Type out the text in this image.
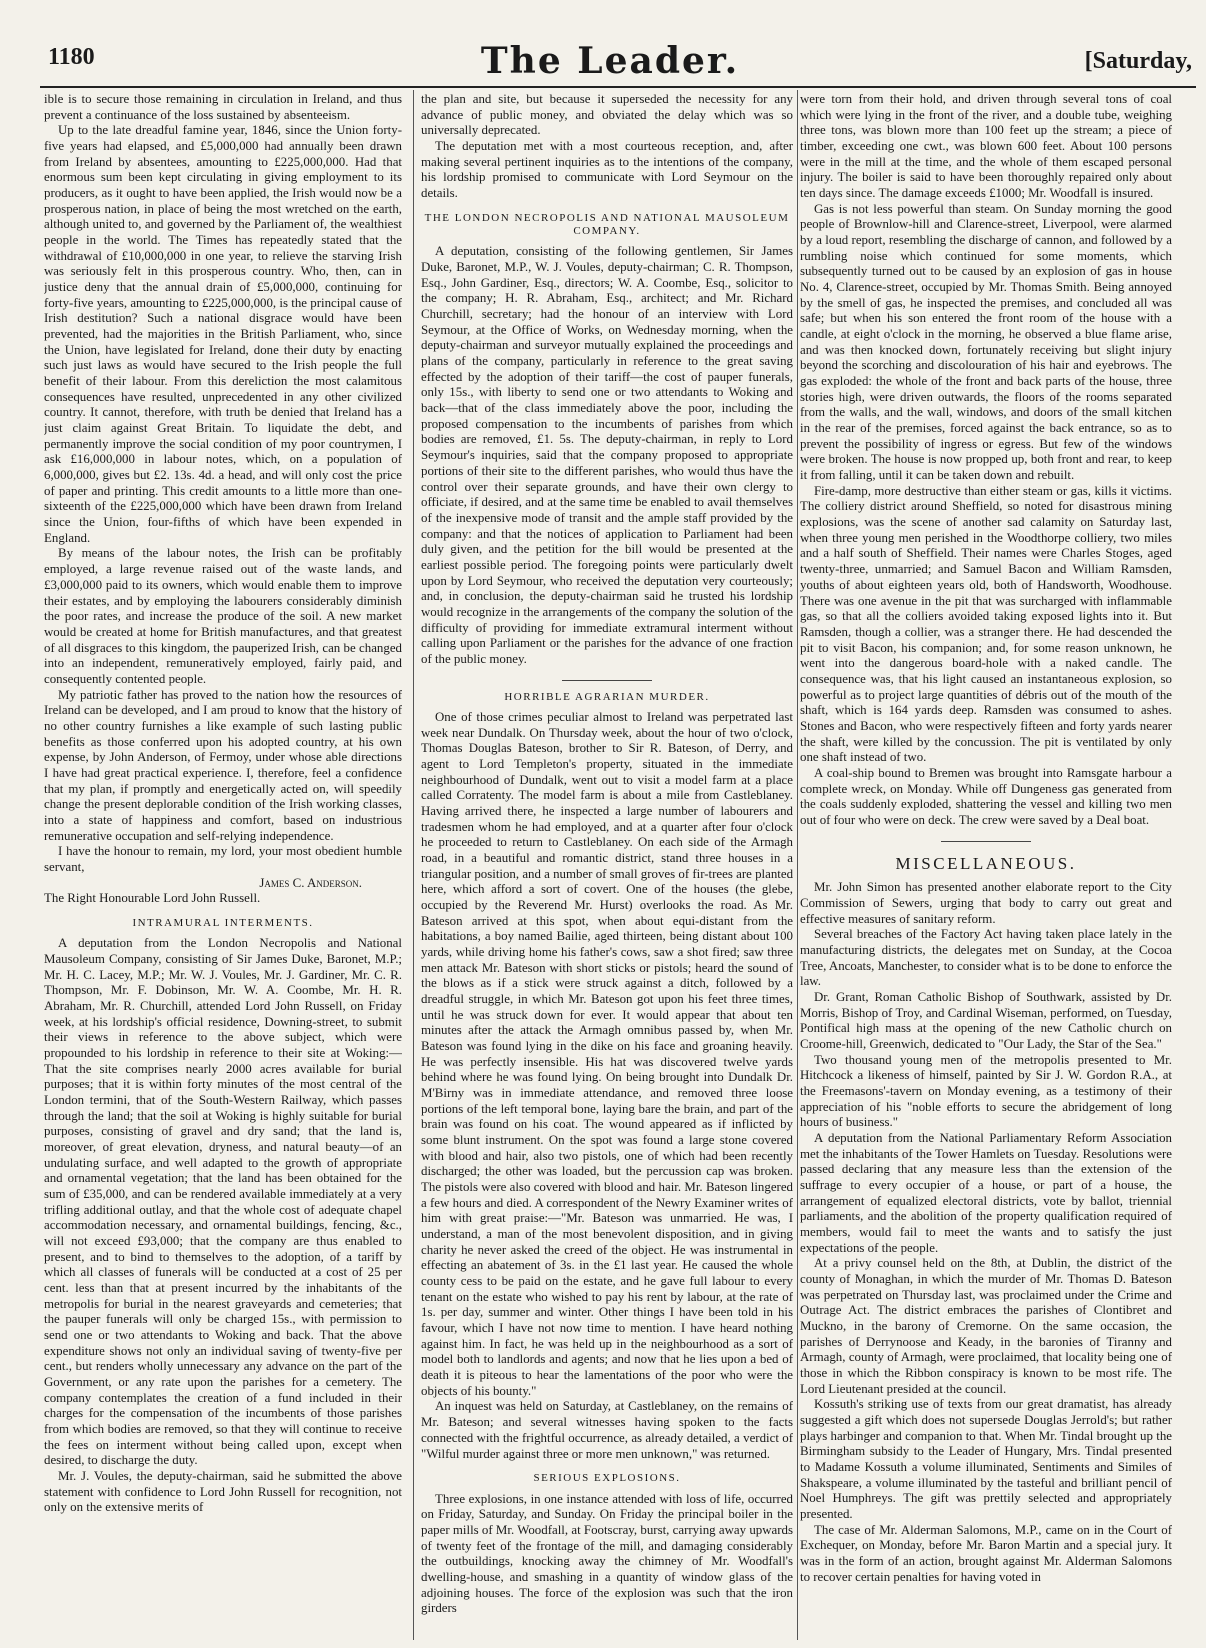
1180	The Leader.	[Saturday,

ible is to secure those remaining in circulation in Ireland, and thus prevent a continuance of the loss sustained by absenteeism.

Up to the late dreadful famine year, 1846, since the Union forty-five years had elapsed, and £5,000,000 had annually been drawn from Ireland by absentees, amounting to £225,000,000. Had that enormous sum been kept circulating in giving employment to its producers, as it ought to have been applied, the Irish would now be a prosperous nation, in place of being the most wretched on the earth, although united to, and governed by the Parliament of, the wealthiest people in the world. The Times has repeatedly stated that the withdrawal of £10,000,000 in one year, to relieve the starving Irish was seriously felt in this prosperous country. Who, then, can in justice deny that the annual drain of £5,000,000, continuing for forty-five years, amounting to £225,000,000, is the principal cause of Irish destitution? Such a national disgrace would have been prevented, had the majorities in the British Parliament, who, since the Union, have legislated for Ireland, done their duty by enacting such just laws as would have secured to the Irish people the full benefit of their labour. From this dereliction the most calamitous consequences have resulted, unprecedented in any other civilized country. It cannot, therefore, with truth be denied that Ireland has a just claim against Great Britain. To liquidate the debt, and permanently improve the social condition of my poor countrymen, I ask £16,000,000 in labour notes, which, on a population of 6,000,000, gives but £2. 13s. 4d. a head, and will only cost the price of paper and printing. This credit amounts to a little more than one-sixteenth of the £225,000,000 which have been drawn from Ireland since the Union, four-fifths of which have been expended in England.

By means of the labour notes, the Irish can be profitably employed, a large revenue raised out of the waste lands, and £3,000,000 paid to its owners, which would enable them to improve their estates, and by employing the labourers considerably diminish the poor rates, and increase the produce of the soil. A new market would be created at home for British manufactures, and that greatest of all disgraces to this kingdom, the pauperized Irish, can be changed into an independent, remuneratively employed, fairly paid, and consequently contented people.

My patriotic father has proved to the nation how the resources of Ireland can be developed, and I am proud to know that the history of no other country furnishes a like example of such lasting public benefits as those conferred upon his adopted country, at his own expense, by John Anderson, of Fermoy, under whose able directions I have had great practical experience. I, therefore, feel a confidence that my plan, if promptly and energetically acted on, will speedily change the present deplorable condition of the Irish working classes, into a state of happiness and comfort, based on industrious remunerative occupation and self-relying independence.

I have the honour to remain, my lord, your most obedient humble servant,

James C. Anderson.

The Right Honourable Lord John Russell.

INTRAMURAL INTERMENTS.

A deputation from the London Necropolis and National Mausoleum Company, consisting of Sir James Duke, Baronet, M.P.; Mr. H. C. Lacey, M.P.; Mr. W. J. Voules, Mr. J. Gardiner, Mr. C. R. Thompson, Mr. F. Dobinson, Mr. W. A. Coombe, Mr. H. R. Abraham, Mr. R. Churchill, attended Lord John Russell, on Friday week, at his lordship's official residence, Downing-street, to submit their views in reference to the above subject, which were propounded to his lordship in reference to their site at Woking:—That the site comprises nearly 2000 acres available for burial purposes; that it is within forty minutes of the most central of the London termini, that of the South-Western Railway, which passes through the land; that the soil at Woking is highly suitable for burial purposes, consisting of gravel and dry sand; that the land is, moreover, of great elevation, dryness, and natural beauty—of an undulating surface, and well adapted to the growth of appropriate and ornamental vegetation; that the land has been obtained for the sum of £35,000, and can be rendered available immediately at a very trifling additional outlay, and that the whole cost of adequate chapel accommodation necessary, and ornamental buildings, fencing, &c., will not exceed £93,000; that the company are thus enabled to present, and to bind to themselves to the adoption, of a tariff by which all classes of funerals will be conducted at a cost of 25 per cent. less than that at present incurred by the inhabitants of the metropolis for burial in the nearest graveyards and cemeteries; that the pauper funerals will only be charged 15s., with permission to send one or two attendants to Woking and back. That the above expenditure shows not only an individual saving of twenty-five per cent., but renders wholly unnecessary any advance on the part of the Government, or any rate upon the parishes for a cemetery. The company contemplates the creation of a fund included in their charges for the compensation of the incumbents of those parishes from which bodies are removed, so that they will continue to receive the fees on interment without being called upon, except when desired, to discharge the duty.

Mr. J. Voules, the deputy-chairman, said he submitted the above statement with confidence to Lord John Russell for recognition, not only on the extensive merits of

the plan and site, but because it superseded the necessity for any advance of public money, and obviated the delay which was so universally deprecated.

The deputation met with a most courteous reception, and, after making several pertinent inquiries as to the intentions of the company, his lordship promised to communicate with Lord Seymour on the details.

THE LONDON NECROPOLIS AND NATIONAL MAUSOLEUM COMPANY.

A deputation, consisting of the following gentlemen, Sir James Duke, Baronet, M.P., W. J. Voules, deputy-chairman; C. R. Thompson, Esq., John Gardiner, Esq., directors; W. A. Coombe, Esq., solicitor to the company; H. R. Abraham, Esq., architect; and Mr. Richard Churchill, secretary; had the honour of an interview with Lord Seymour, at the Office of Works, on Wednesday morning, when the deputy-chairman and surveyor mutually explained the proceedings and plans of the company, particularly in reference to the great saving effected by the adoption of their tariff—the cost of pauper funerals, only 15s., with liberty to send one or two attendants to Woking and back—that of the class immediately above the poor, including the proposed compensation to the incumbents of parishes from which bodies are removed, £1. 5s. The deputy-chairman, in reply to Lord Seymour's inquiries, said that the company proposed to appropriate portions of their site to the different parishes, who would thus have the control over their separate grounds, and have their own clergy to officiate, if desired, and at the same time be enabled to avail themselves of the inexpensive mode of transit and the ample staff provided by the company: and that the notices of application to Parliament had been duly given, and the petition for the bill would be presented at the earliest possible period. The foregoing points were particularly dwelt upon by Lord Seymour, who received the deputation very courteously; and, in conclusion, the deputy-chairman said he trusted his lordship would recognize in the arrangements of the company the solution of the difficulty of providing for immediate extramural interment without calling upon Parliament or the parishes for the advance of one fraction of the public money.

HORRIBLE AGRARIAN MURDER.

One of those crimes peculiar almost to Ireland was perpetrated last week near Dundalk. On Thursday week, about the hour of two o'clock, Thomas Douglas Bateson, brother to Sir R. Bateson, of Derry, and agent to Lord Templeton's property, situated in the immediate neighbourhood of Dundalk, went out to visit a model farm at a place called Corratenty. The model farm is about a mile from Castleblaney. Having arrived there, he inspected a large number of labourers and tradesmen whom he had employed, and at a quarter after four o'clock he proceeded to return to Castleblaney. On each side of the Armagh road, in a beautiful and romantic district, stand three houses in a triangular position, and a number of small groves of fir-trees are planted here, which afford a sort of covert. One of the houses (the glebe, occupied by the Reverend Mr. Hurst) overlooks the road. As Mr. Bateson arrived at this spot, when about equi-distant from the habitations, a boy named Bailie, aged thirteen, being distant about 100 yards, while driving home his father's cows, saw a shot fired; saw three men attack Mr. Bateson with short sticks or pistols; heard the sound of the blows as if a stick were struck against a ditch, followed by a dreadful struggle, in which Mr. Bateson got upon his feet three times, until he was struck down for ever. It would appear that about ten minutes after the attack the Armagh omnibus passed by, when Mr. Bateson was found lying in the dike on his face and groaning heavily. He was perfectly insensible. His hat was discovered twelve yards behind where he was found lying. On being brought into Dundalk Dr. M'Birny was in immediate attendance, and removed three loose portions of the left temporal bone, laying bare the brain, and part of the brain was found on his coat. The wound appeared as if inflicted by some blunt instrument. On the spot was found a large stone covered with blood and hair, also two pistols, one of which had been recently discharged; the other was loaded, but the percussion cap was broken. The pistols were also covered with blood and hair. Mr. Bateson lingered a few hours and died. A correspondent of the Newry Examiner writes of him with great praise:—"Mr. Bateson was unmarried. He was, I understand, a man of the most benevolent disposition, and in giving charity he never asked the creed of the object. He was instrumental in effecting an abatement of 3s. in the £1 last year. He caused the whole county cess to be paid on the estate, and he gave full labour to every tenant on the estate who wished to pay his rent by labour, at the rate of 1s. per day, summer and winter. Other things I have been told in his favour, which I have not now time to mention. I have heard nothing against him. In fact, he was held up in the neighbourhood as a sort of model both to landlords and agents; and now that he lies upon a bed of death it is piteous to hear the lamentations of the poor who were the objects of his bounty."

An inquest was held on Saturday, at Castleblaney, on the remains of Mr. Bateson; and several witnesses having spoken to the facts connected with the frightful occurrence, as already detailed, a verdict of "Wilful murder against three or more men unknown," was returned.

SERIOUS EXPLOSIONS.

Three explosions, in one instance attended with loss of life, occurred on Friday, Saturday, and Sunday. On Friday the principal boiler in the paper mills of Mr. Woodfall, at Footscray, burst, carrying away upwards of twenty feet of the frontage of the mill, and damaging considerably the outbuildings, knocking away the chimney of Mr. Woodfall's dwelling-house, and smashing in a quantity of window glass of the adjoining houses. The force of the explosion was such that the iron girders

were torn from their hold, and driven through several tons of coal which were lying in the front of the river, and a double tube, weighing three tons, was blown more than 100 feet up the stream; a piece of timber, exceeding one cwt., was blown 600 feet. About 100 persons were in the mill at the time, and the whole of them escaped personal injury. The boiler is said to have been thoroughly repaired only about ten days since. The damage exceeds £1000; Mr. Woodfall is insured.

Gas is not less powerful than steam. On Sunday morning the good people of Brownlow-hill and Clarence-street, Liverpool, were alarmed by a loud report, resembling the discharge of cannon, and followed by a rumbling noise which continued for some moments, which subsequently turned out to be caused by an explosion of gas in house No. 4, Clarence-street, occupied by Mr. Thomas Smith. Being annoyed by the smell of gas, he inspected the premises, and concluded all was safe; but when his son entered the front room of the house with a candle, at eight o'clock in the morning, he observed a blue flame arise, and was then knocked down, fortunately receiving but slight injury beyond the scorching and discolouration of his hair and eyebrows. The gas exploded: the whole of the front and back parts of the house, three stories high, were driven outwards, the floors of the rooms separated from the walls, and the wall, windows, and doors of the small kitchen in the rear of the premises, forced against the back entrance, so as to prevent the possibility of ingress or egress. But few of the windows were broken. The house is now propped up, both front and rear, to keep it from falling, until it can be taken down and rebuilt.

Fire-damp, more destructive than either steam or gas, kills it victims. The colliery district around Sheffield, so noted for disastrous mining explosions, was the scene of another sad calamity on Saturday last, when three young men perished in the Woodthorpe colliery, two miles and a half south of Sheffield. Their names were Charles Stoges, aged twenty-three, unmarried; and Samuel Bacon and William Ramsden, youths of about eighteen years old, both of Handsworth, Woodhouse. There was one avenue in the pit that was surcharged with inflammable gas, so that all the colliers avoided taking exposed lights into it. But Ramsden, though a collier, was a stranger there. He had descended the pit to visit Bacon, his companion; and, for some reason unknown, he went into the dangerous board-hole with a naked candle. The consequence was, that his light caused an instantaneous explosion, so powerful as to project large quantities of débris out of the mouth of the shaft, which is 164 yards deep. Ramsden was consumed to ashes. Stones and Bacon, who were respectively fifteen and forty yards nearer the shaft, were killed by the concussion. The pit is ventilated by only one shaft instead of two.

A coal-ship bound to Bremen was brought into Ramsgate harbour a complete wreck, on Monday. While off Dungeness gas generated from the coals suddenly exploded, shattering the vessel and killing two men out of four who were on deck. The crew were saved by a Deal boat.

MISCELLANEOUS.

Mr. John Simon has presented another elaborate report to the City Commission of Sewers, urging that body to carry out great and effective measures of sanitary reform.

Several breaches of the Factory Act having taken place lately in the manufacturing districts, the delegates met on Sunday, at the Cocoa Tree, Ancoats, Manchester, to consider what is to be done to enforce the law.

Dr. Grant, Roman Catholic Bishop of Southwark, assisted by Dr. Morris, Bishop of Troy, and Cardinal Wiseman, performed, on Tuesday, Pontifical high mass at the opening of the new Catholic church on Croome-hill, Greenwich, dedicated to "Our Lady, the Star of the Sea."

Two thousand young men of the metropolis presented to Mr. Hitchcock a likeness of himself, painted by Sir J. W. Gordon R.A., at the Freemasons'-tavern on Monday evening, as a testimony of their appreciation of his "noble efforts to secure the abridgement of long hours of business."

A deputation from the National Parliamentary Reform Association met the inhabitants of the Tower Hamlets on Tuesday. Resolutions were passed declaring that any measure less than the extension of the suffrage to every occupier of a house, or part of a house, the arrangement of equalized electoral districts, vote by ballot, triennial parliaments, and the abolition of the property qualification required of members, would fail to meet the wants and to satisfy the just expectations of the people.

At a privy counsel held on the 8th, at Dublin, the district of the county of Monaghan, in which the murder of Mr. Thomas D. Bateson was perpetrated on Thursday last, was proclaimed under the Crime and Outrage Act. The district embraces the parishes of Clontibret and Muckno, in the barony of Cremorne. On the same occasion, the parishes of Derrynoose and Keady, in the baronies of Tiranny and Armagh, county of Armagh, were proclaimed, that locality being one of those in which the Ribbon conspiracy is known to be most rife. The Lord Lieutenant presided at the council.

Kossuth's striking use of texts from our great dramatist, has already suggested a gift which does not supersede Douglas Jerrold's; but rather plays harbinger and companion to that. When Mr. Tindal brought up the Birmingham subsidy to the Leader of Hungary, Mrs. Tindal presented to Madame Kossuth a volume illuminated, Sentiments and Similes of Shakspeare, a volume illuminated by the tasteful and brilliant pencil of Noel Humphreys. The gift was prettily selected and appropriately presented.

The case of Mr. Alderman Salomons, M.P., came on in the Court of Exchequer, on Monday, before Mr. Baron Martin and a special jury. It was in the form of an action, brought against Mr. Alderman Salomons to recover certain penalties for having voted in
